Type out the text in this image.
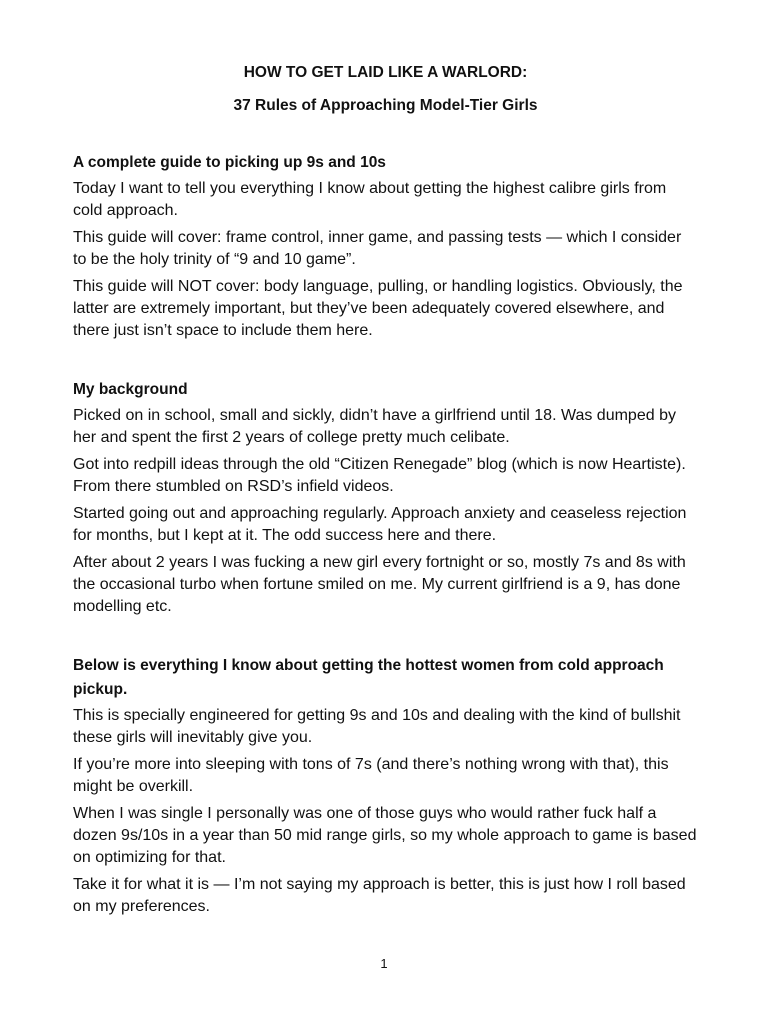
HOW TO GET LAID LIKE A WARLORD:
37 Rules of Approaching Model-Tier Girls
A complete guide to picking up 9s and 10s

Today I want to tell you everything I know about getting the highest calibre girls from cold approach.

This guide will cover: frame control, inner game, and passing tests — which I consider to be the holy trinity of “9 and 10 game”.

This guide will NOT cover: body language, pulling, or handling logistics. Obviously, the latter are extremely important, but they’ve been adequately covered elsewhere, and there just isn’t space to include them here.

My background

Picked on in school, small and sickly, didn’t have a girlfriend until 18. Was dumped by her and spent the first 2 years of college pretty much celibate.

Got into redpill ideas through the old “Citizen Renegade” blog (which is now Heartiste). From there stumbled on RSD’s infield videos.

Started going out and approaching regularly. Approach anxiety and ceaseless rejection for months, but I kept at it. The odd success here and there.

After about 2 years I was fucking a new girl every fortnight or so, mostly 7s and 8s with the occasional turbo when fortune smiled on me. My current girlfriend is a 9, has done modelling etc.

Below is everything I know about getting the hottest women from cold approach pickup.

This is specially engineered for getting 9s and 10s and dealing with the kind of bullshit these girls will inevitably give you.

If you’re more into sleeping with tons of 7s (and there’s nothing wrong with that), this might be overkill.

When I was single I personally was one of those guys who would rather fuck half a dozen 9s/10s in a year than 50 mid range girls, so my whole approach to game is based on optimizing for that.

Take it for what it is — I’m not saying my approach is better, this is just how I roll based on my preferences.

1
